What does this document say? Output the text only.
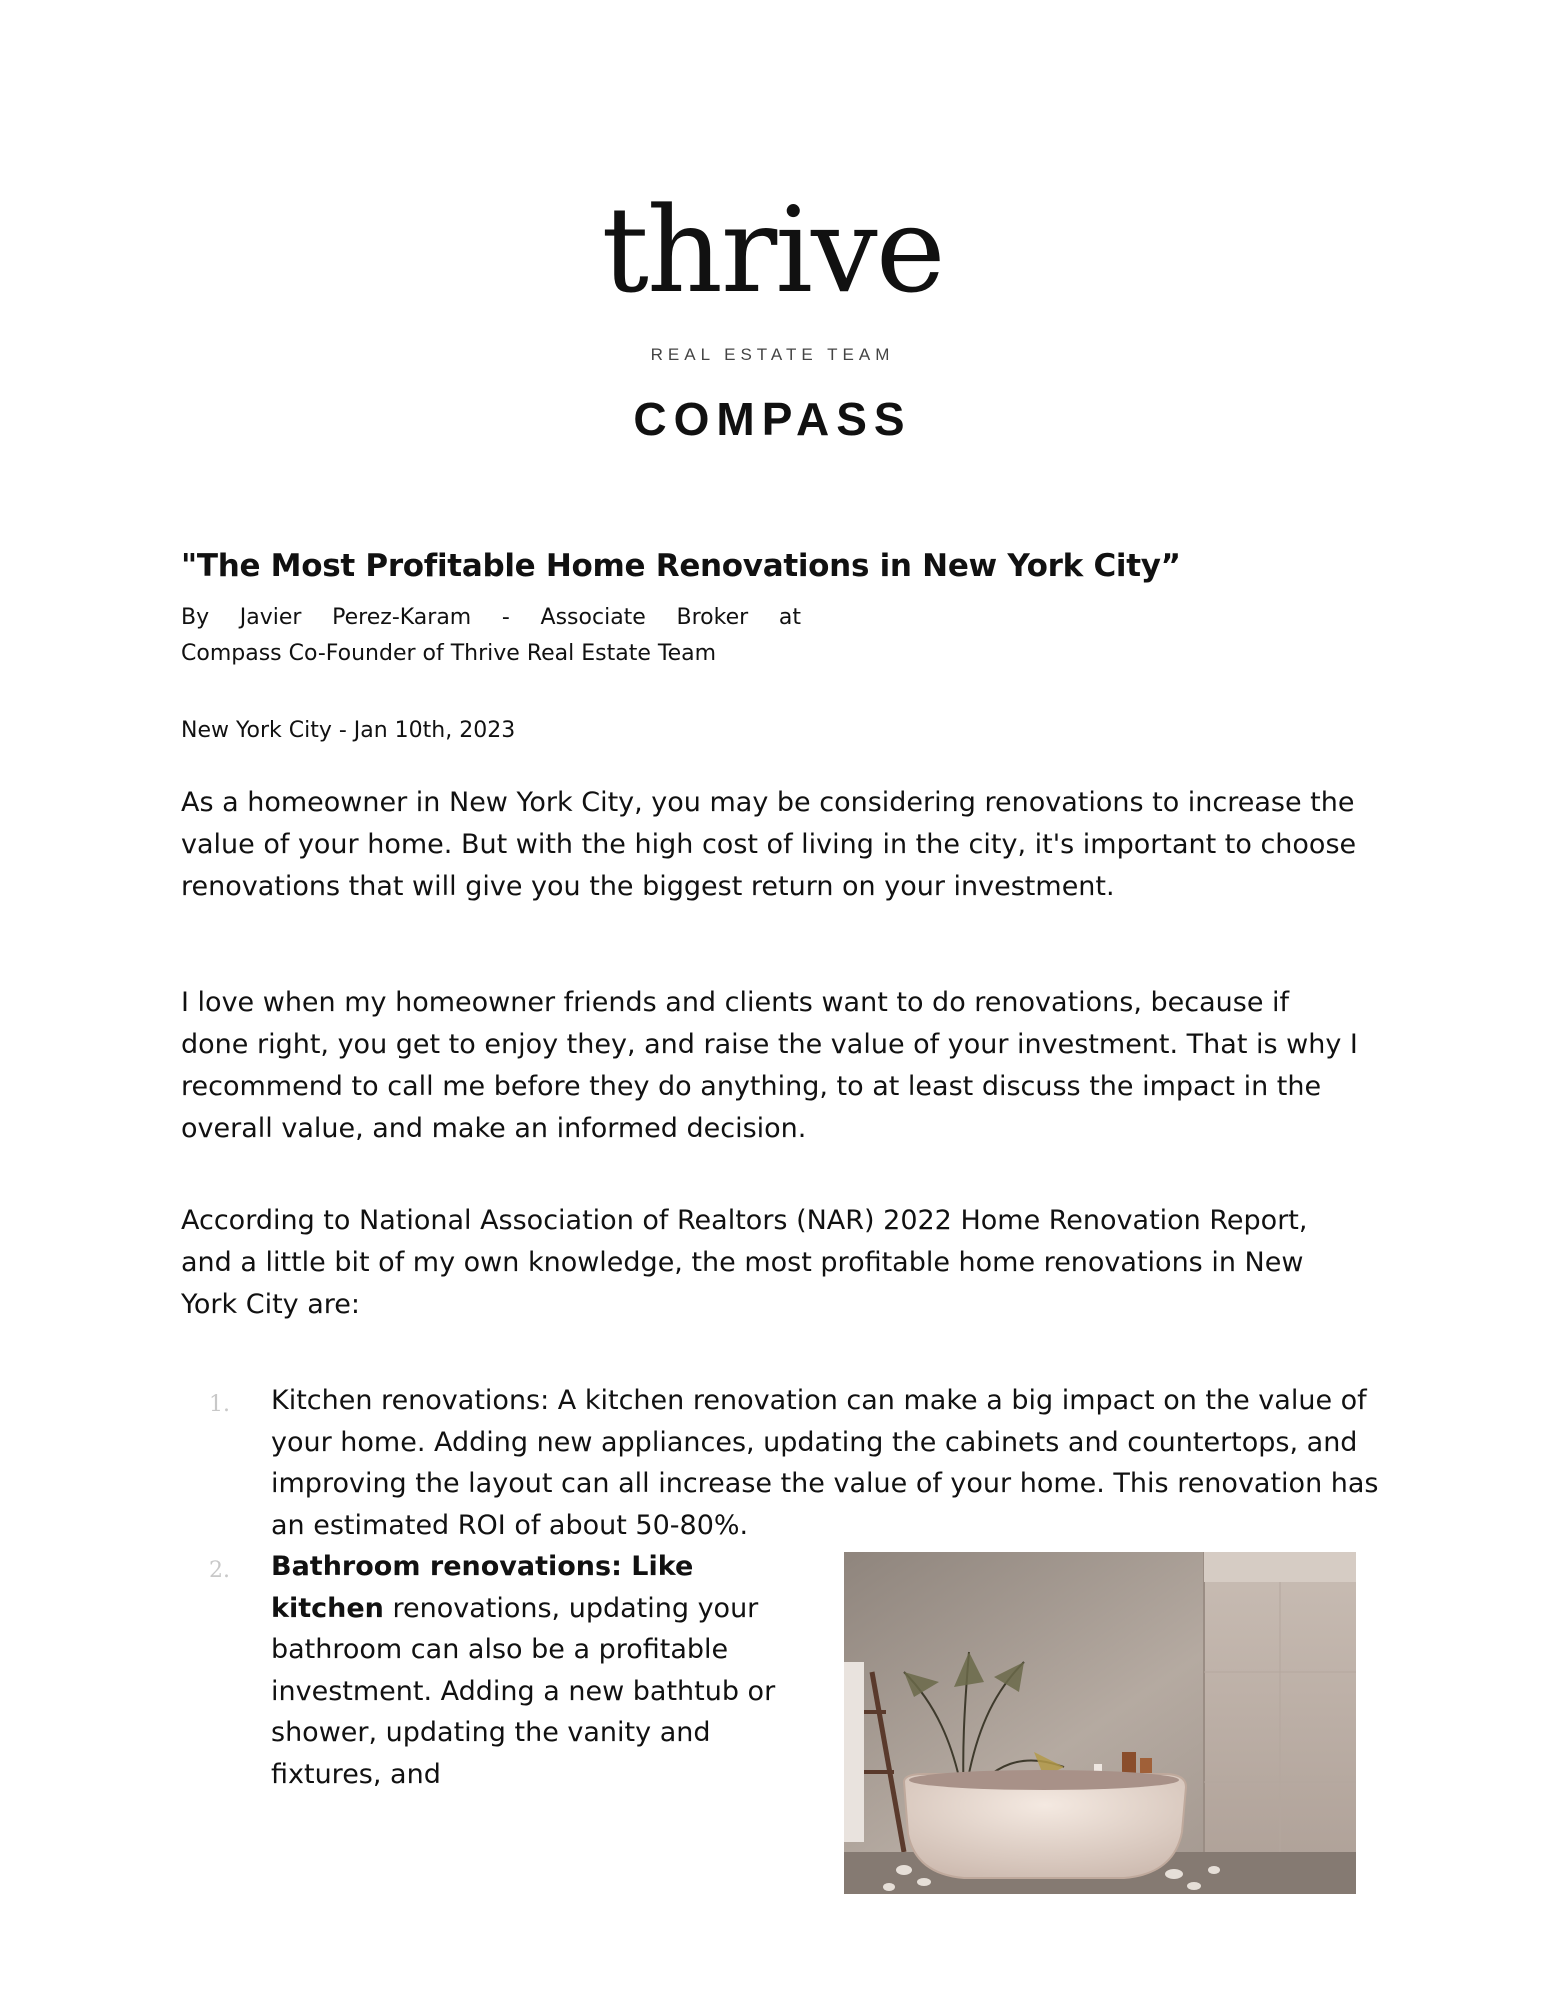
thrive
REAL ESTATE TEAM
COMPASS
"The Most Profitable Home Renovations in New York City”
By Javier Perez-Karam - Associate Broker at
Compass Co-Founder of Thrive Real Estate Team

New York City - Jan 10th, 2023

As a homeowner in New York City, you may be considering renovations to increase the value of your home. But with the high cost of living in the city, it's important to choose renovations that will give you the biggest return on your investment.

I love when my homeowner friends and clients want to do renovations, because if done right, you get to enjoy they, and raise the value of your investment. That is why I recommend to call me before they do anything, to at least discuss the impact in the overall value, and make an informed decision.

According to National Association of Realtors (NAR) 2022 Home Renovation Report, and a little bit of my own knowledge, the most profitable home renovations in New York City are:

1. Kitchen renovations: A kitchen renovation can make a big impact on the value of your home. Adding new appliances, updating the cabinets and countertops, and improving the layout can all increase the value of your home. This renovation has an estimated ROI of about 50-80%.
2. Bathroom renovations: Like kitchen renovations, updating your bathroom can also be a profitable investment. Adding a new bathtub or shower, updating the vanity and fixtures, and
